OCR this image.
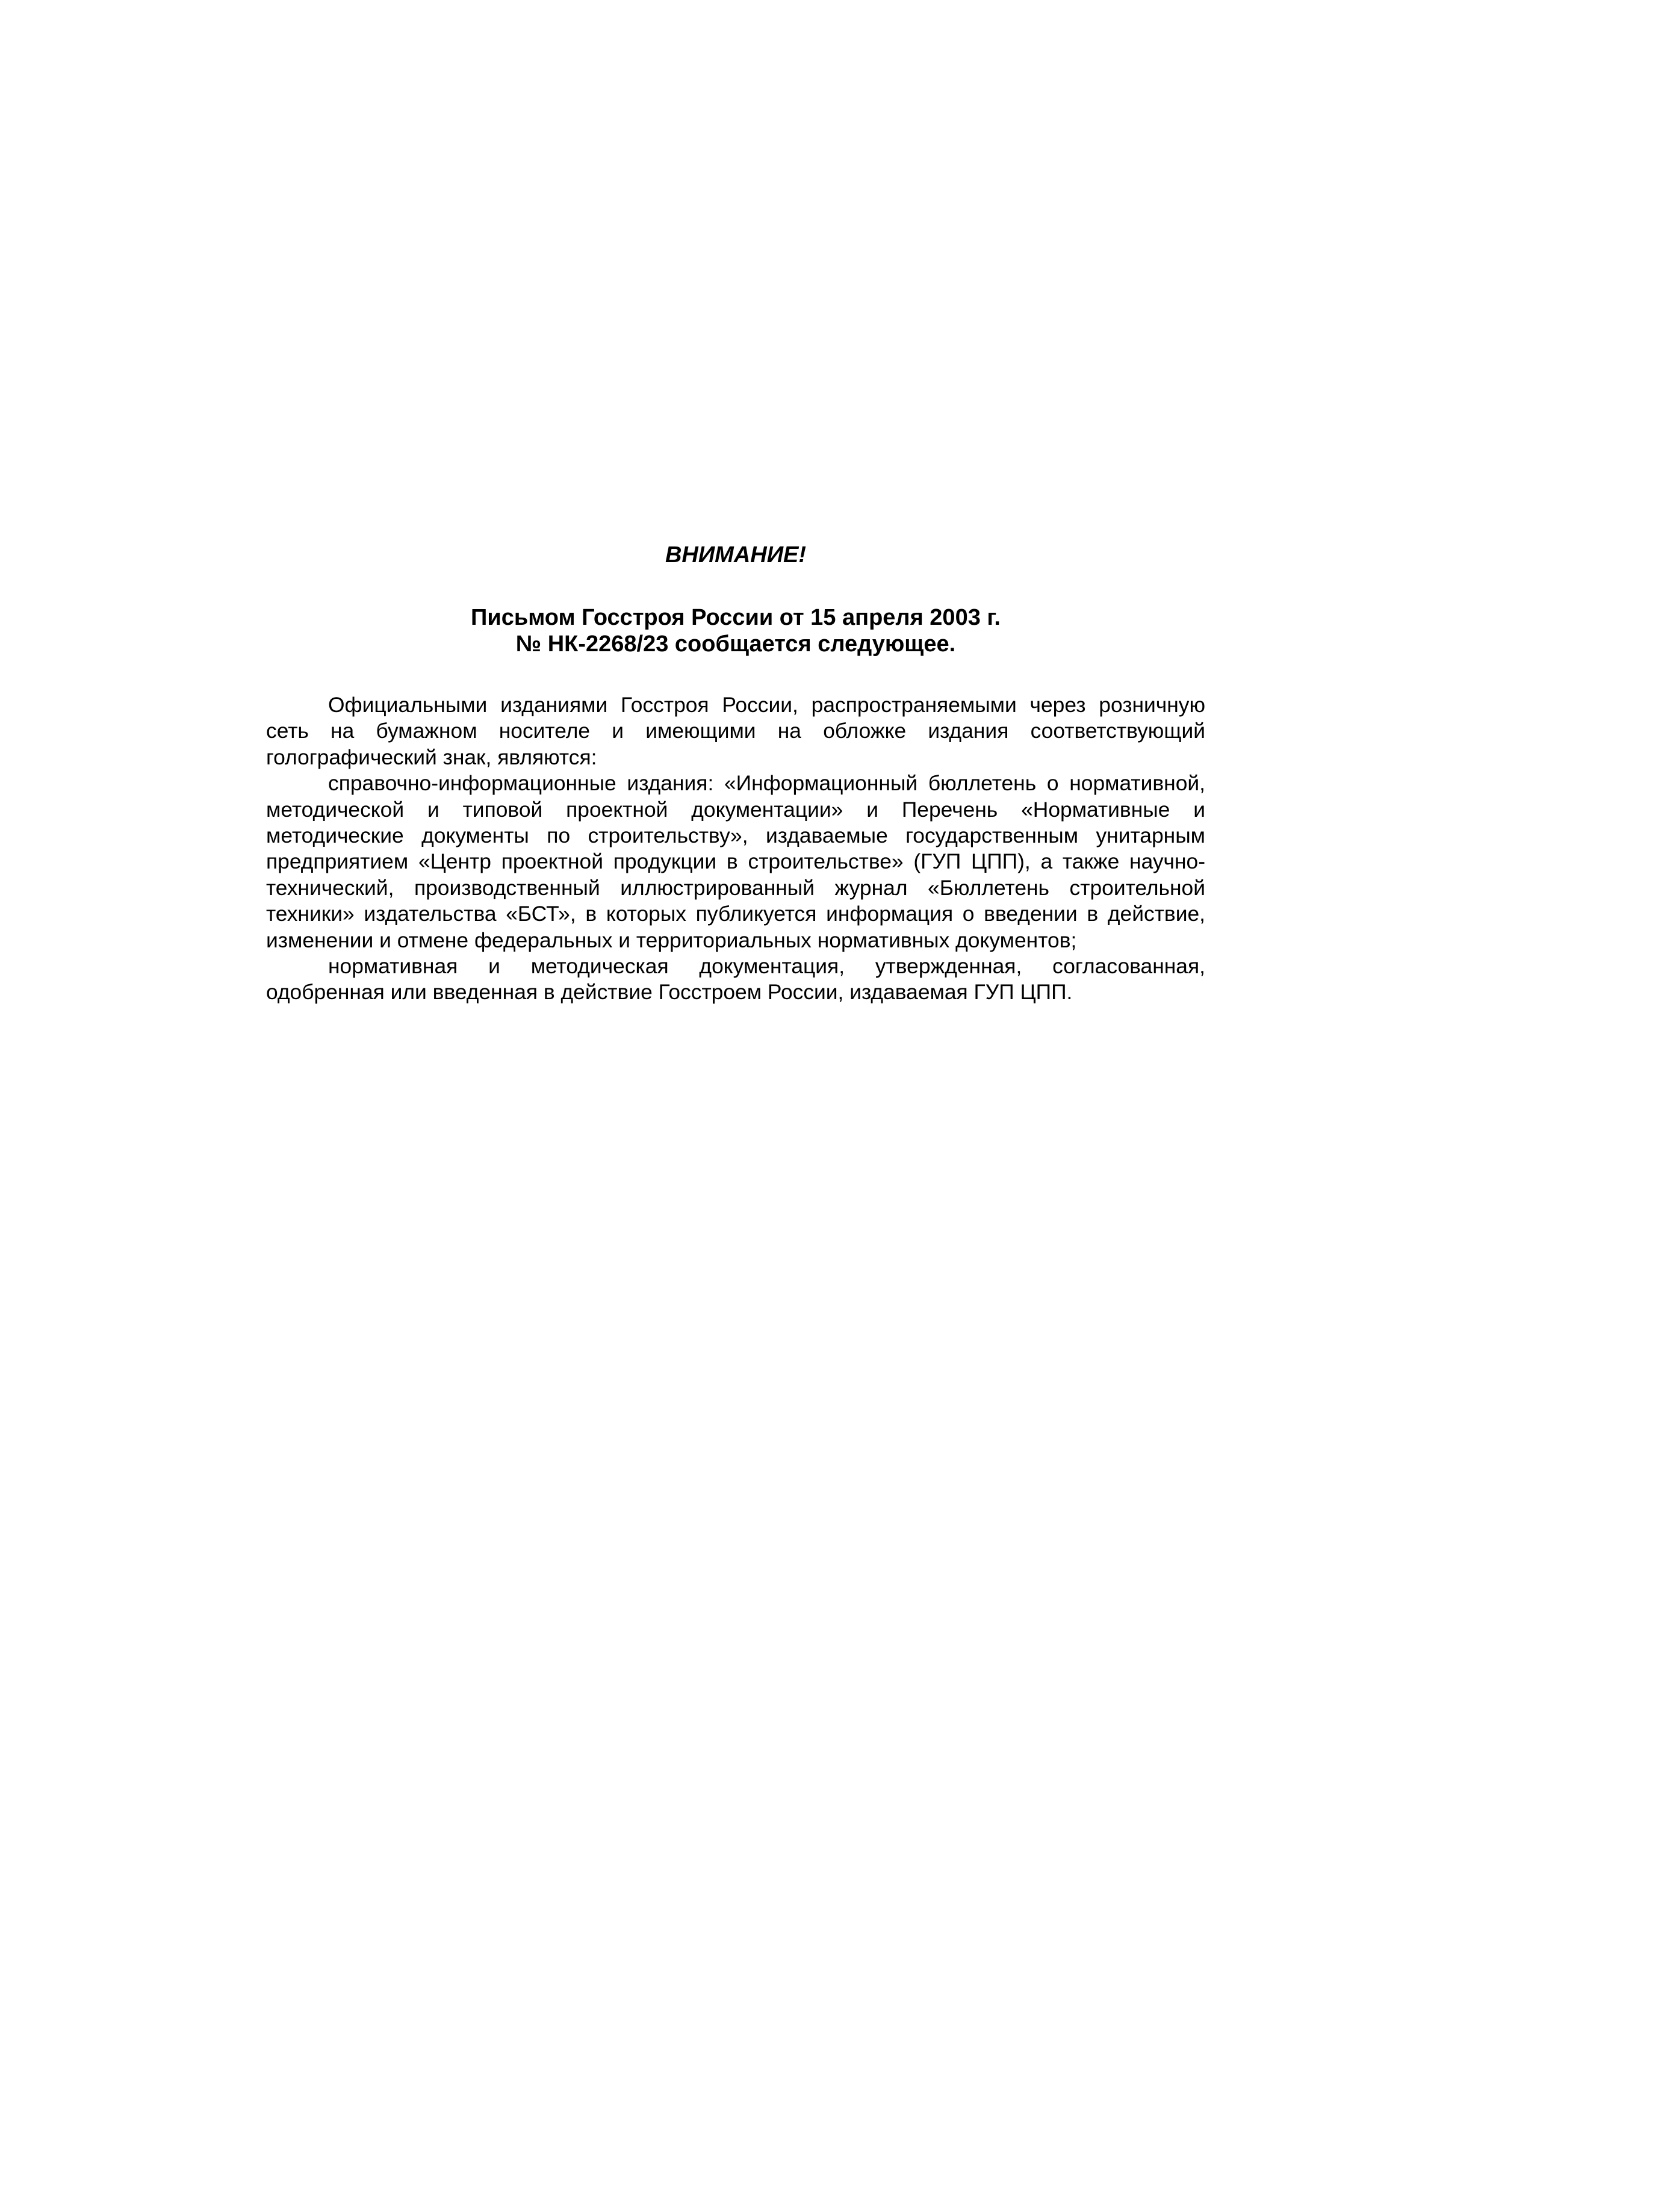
ВНИМАНИЕ!
Письмом Госстроя России от 15 апреля 2003 г.
№ НК-2268/23 сообщается следующее.

Официальными изданиями Госстроя России, распространяемыми через розничную сеть на бумажном носителе и имеющими на обложке издания соответствующий голографический знак, являются:

справочно-информационные издания: «Информационный бюллетень о нормативной, методической и типовой проектной документации» и Перечень «Нормативные и методические документы по строительству», издаваемые государственным унитарным предприятием «Центр проектной продукции в строительстве» (ГУП ЦПП), а также научно-технический, производственный иллюстрированный журнал «Бюллетень строительной техники» издательства «БСТ», в которых публикуется информация о введении в действие, изменении и отмене федеральных и территориальных нормативных документов;

нормативная и методическая документация, утвержденная, согласованная, одобренная или введенная в действие Госстроем России, издаваемая ГУП ЦПП.
